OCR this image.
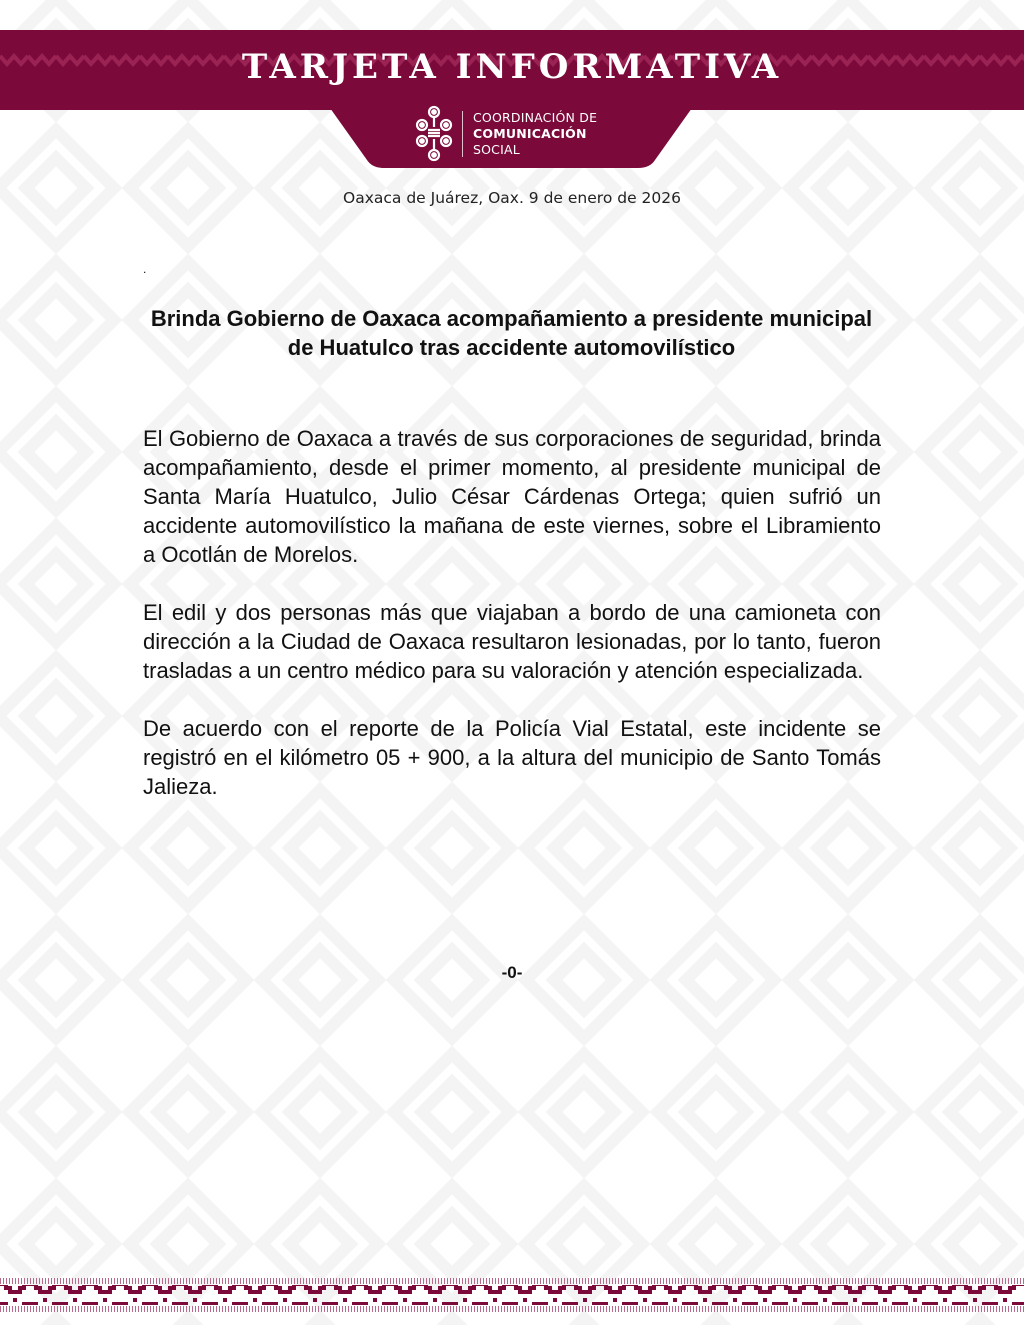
TARJETA INFORMATIVA
COORDINACIÓN DE
COMUNICACIÓN
SOCIAL
Oaxaca de Juárez, Oax. 9 de enero de 2026
.
Brinda Gobierno de Oaxaca acompañamiento a presidente municipal de Huatulco tras accidente automovilístico

El Gobierno de Oaxaca a través de sus corporaciones de seguridad, brinda acompañamiento, desde el primer momento, al presidente municipal de Santa María Huatulco, Julio César Cárdenas Ortega; quien sufrió un accidente automovilístico la mañana de este viernes, sobre el Libramiento a Ocotlán de Morelos.

El edil y dos personas más que viajaban a bordo de una camioneta con dirección a la Ciudad de Oaxaca resultaron lesionadas, por lo tanto, fueron trasladas a un centro médico para su valoración y atención especializada.

De acuerdo con el reporte de la Policía Vial Estatal, este incidente se registró en el kilómetro 05 + 900, a la altura del municipio de Santo Tomás Jalieza.

-0-
